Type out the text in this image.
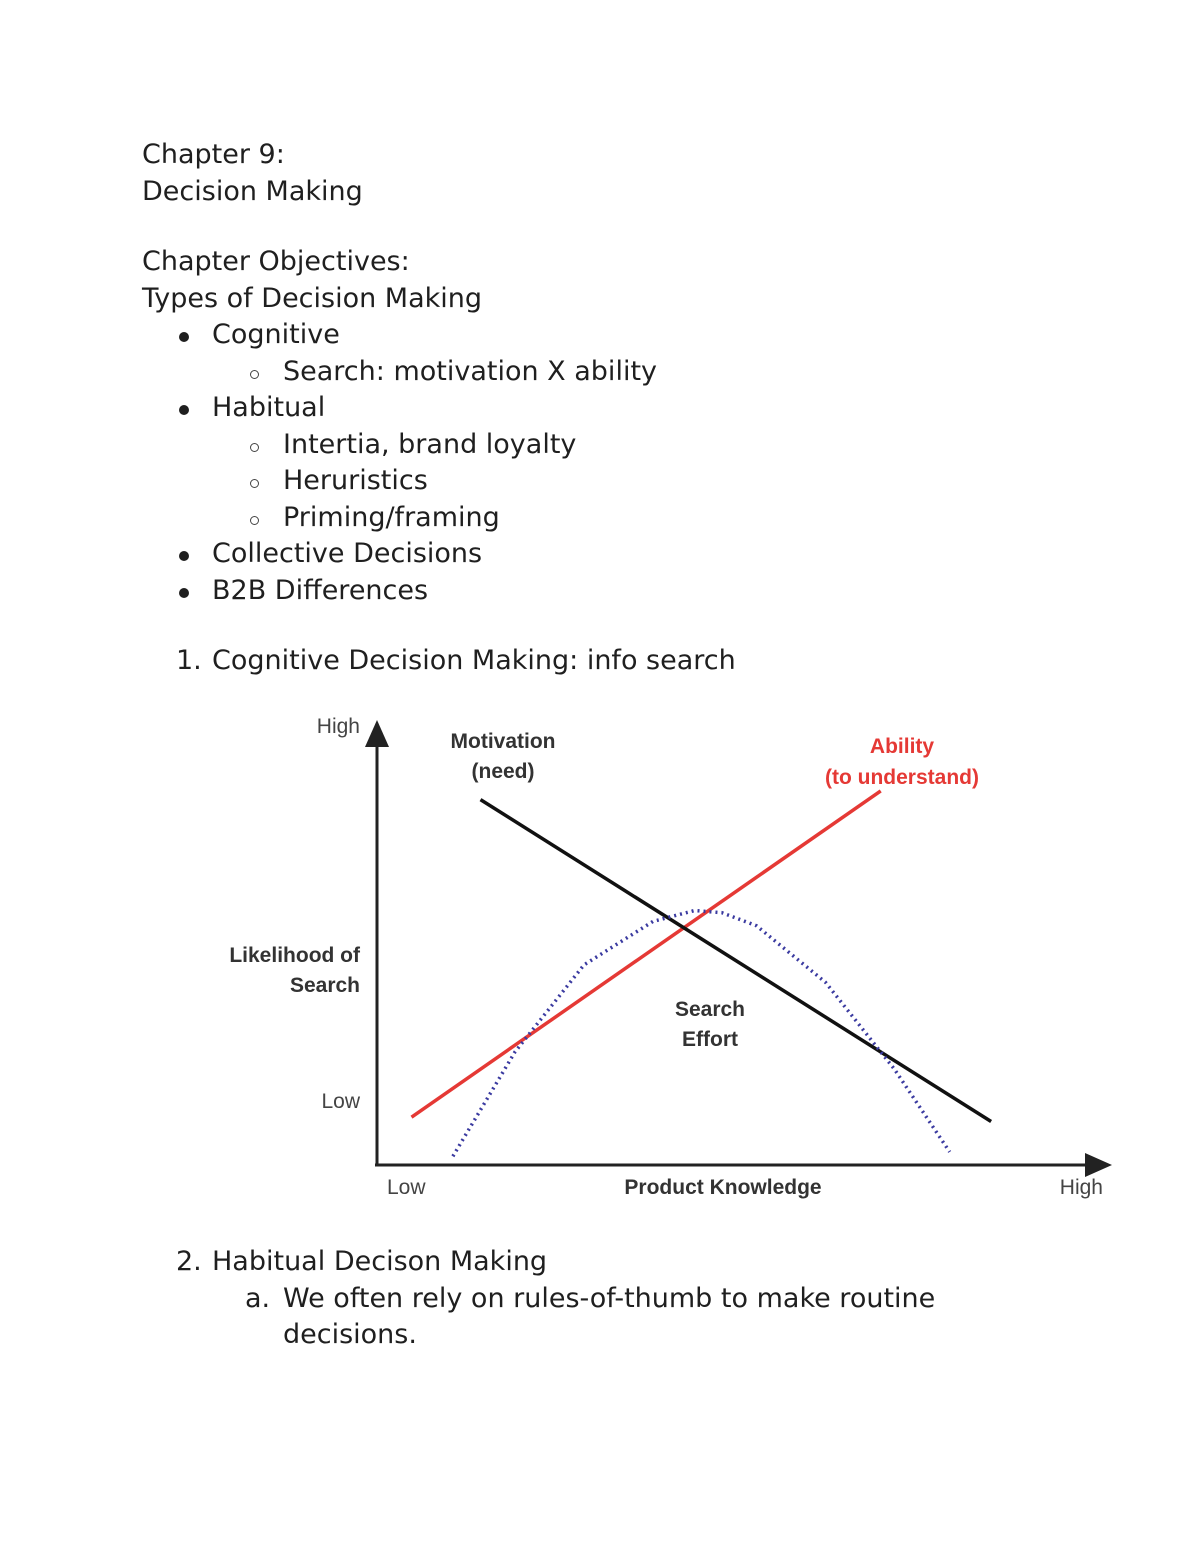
Chapter 9:
Decision Making
Chapter Objectives:
Types of Decision Making
Cognitive
Search: motivation X ability
Habitual
Intertia, brand loyalty
Heruristics
Priming/framing
Collective Decisions
B2B Differences
1. Cognitive Decision Making: info search
High
Low
Likelihood of
Search
Low	Product Knowledge	High
Motivation
(need)
Ability
(to understand)
Search
Effort
2. Habitual Decison Making
a. We often rely on rules-of-thumb to make routine
decisions.
